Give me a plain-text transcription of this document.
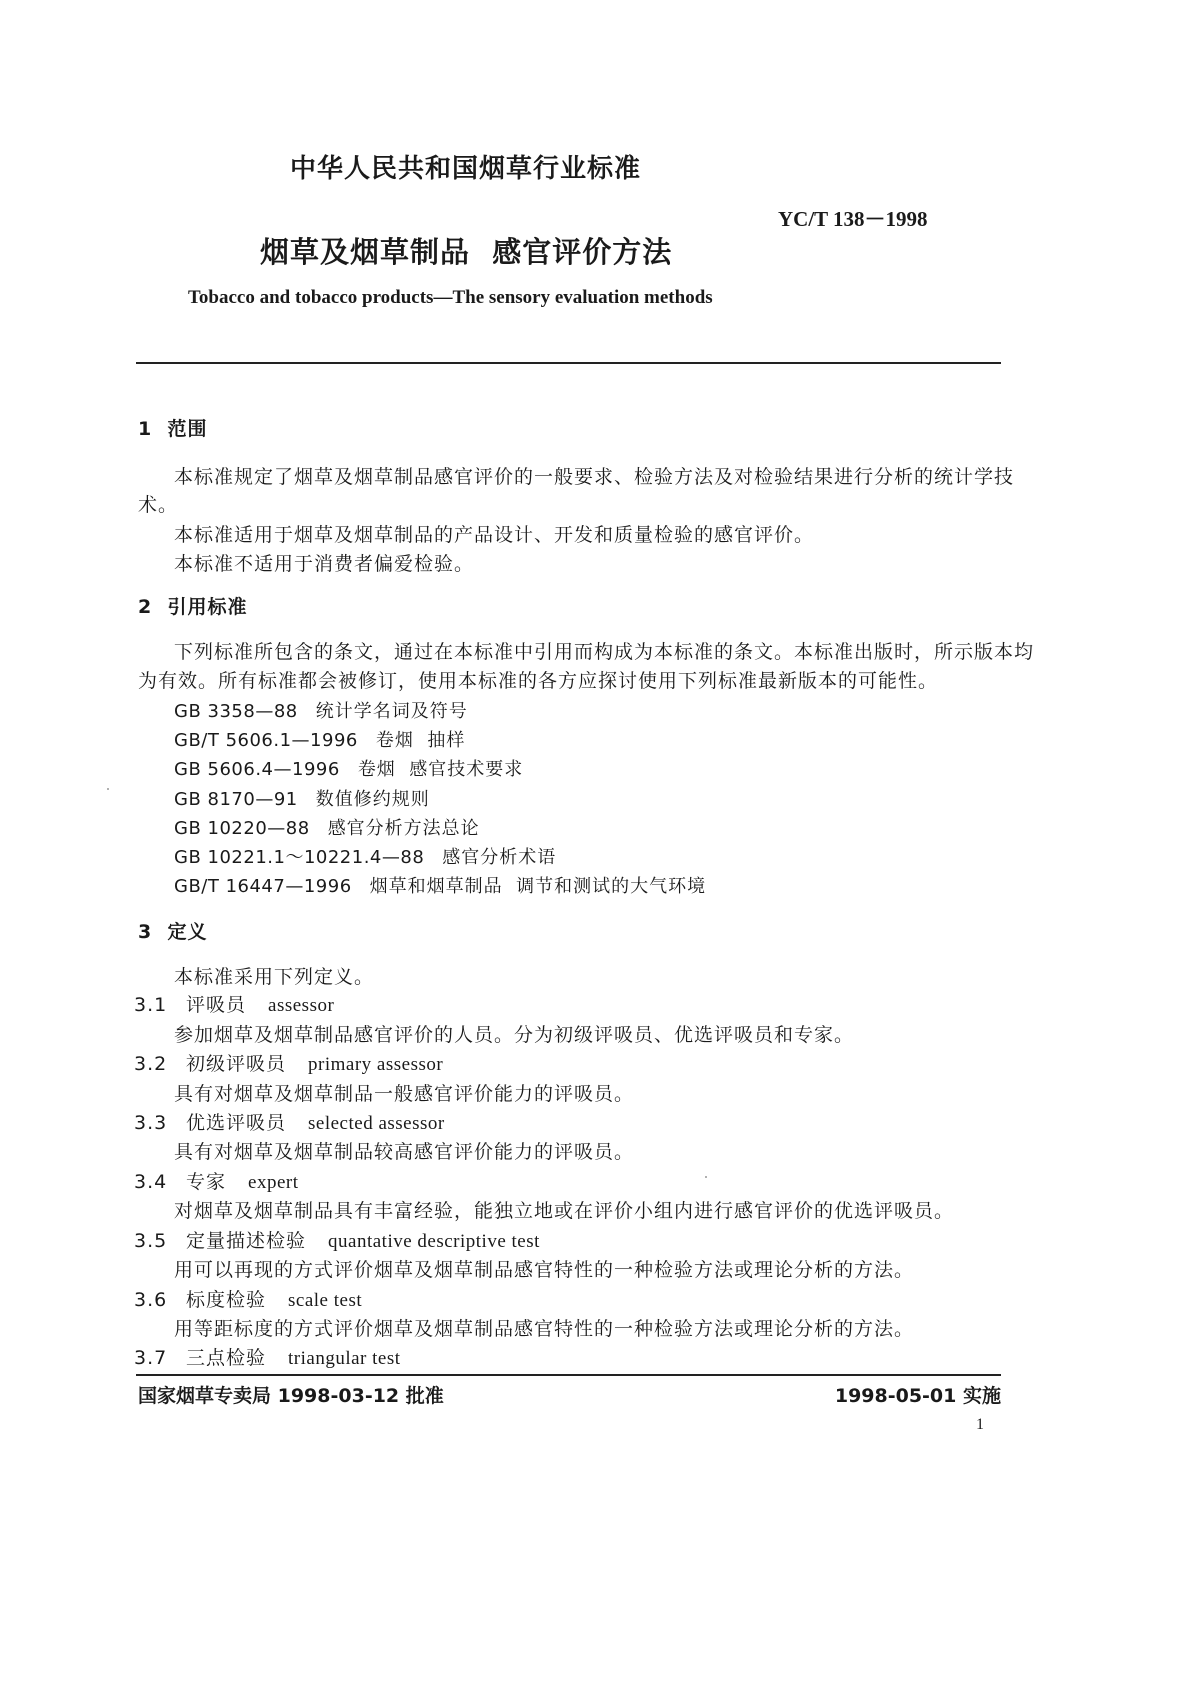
中华人民共和国烟草行业标准
YC/T 138－1998
烟草及烟草制品  感官评价方法
Tobacco and tobacco products—The sensory evaluation methods
1  范围
本标准规定了烟草及烟草制品感官评价的一般要求、检验方法及对检验结果进行分析的统计学技
术。
本标准适用于烟草及烟草制品的产品设计、开发和质量检验的感官评价。
本标准不适用于消费者偏爱检验。
2  引用标准
下列标准所包含的条文，通过在本标准中引用而构成为本标准的条文。本标准出版时，所示版本均
为有效。所有标准都会被修订，使用本标准的各方应探讨使用下列标准最新版本的可能性。
GB 3358—88 统计学名词及符号
GB/T 5606.1—1996 卷烟  抽样
GB 5606.4—1996 卷烟  感官技术要求
GB 8170—91 数值修约规则
GB 10220—88 感官分析方法总论
GB 10221.1～10221.4—88 感官分析术语
GB/T 16447—1996 烟草和烟草制品  调节和测试的大气环境
3  定义
本标准采用下列定义。
3.1 评吸员 assessor
参加烟草及烟草制品感官评价的人员。分为初级评吸员、优选评吸员和专家。
3.2 初级评吸员 primary assessor
具有对烟草及烟草制品一般感官评价能力的评吸员。
3.3 优选评吸员 selected assessor
具有对烟草及烟草制品较高感官评价能力的评吸员。
3.4 专家 expert
对烟草及烟草制品具有丰富经验，能独立地或在评价小组内进行感官评价的优选评吸员。
3.5 定量描述检验 quantative descriptive test
用可以再现的方式评价烟草及烟草制品感官特性的一种检验方法或理论分析的方法。
3.6 标度检验 scale test
用等距标度的方式评价烟草及烟草制品感官特性的一种检验方法或理论分析的方法。
3.7 三点检验 triangular test
国家烟草专卖局 1998-03-12 批准	1998-05-01 实施
1
